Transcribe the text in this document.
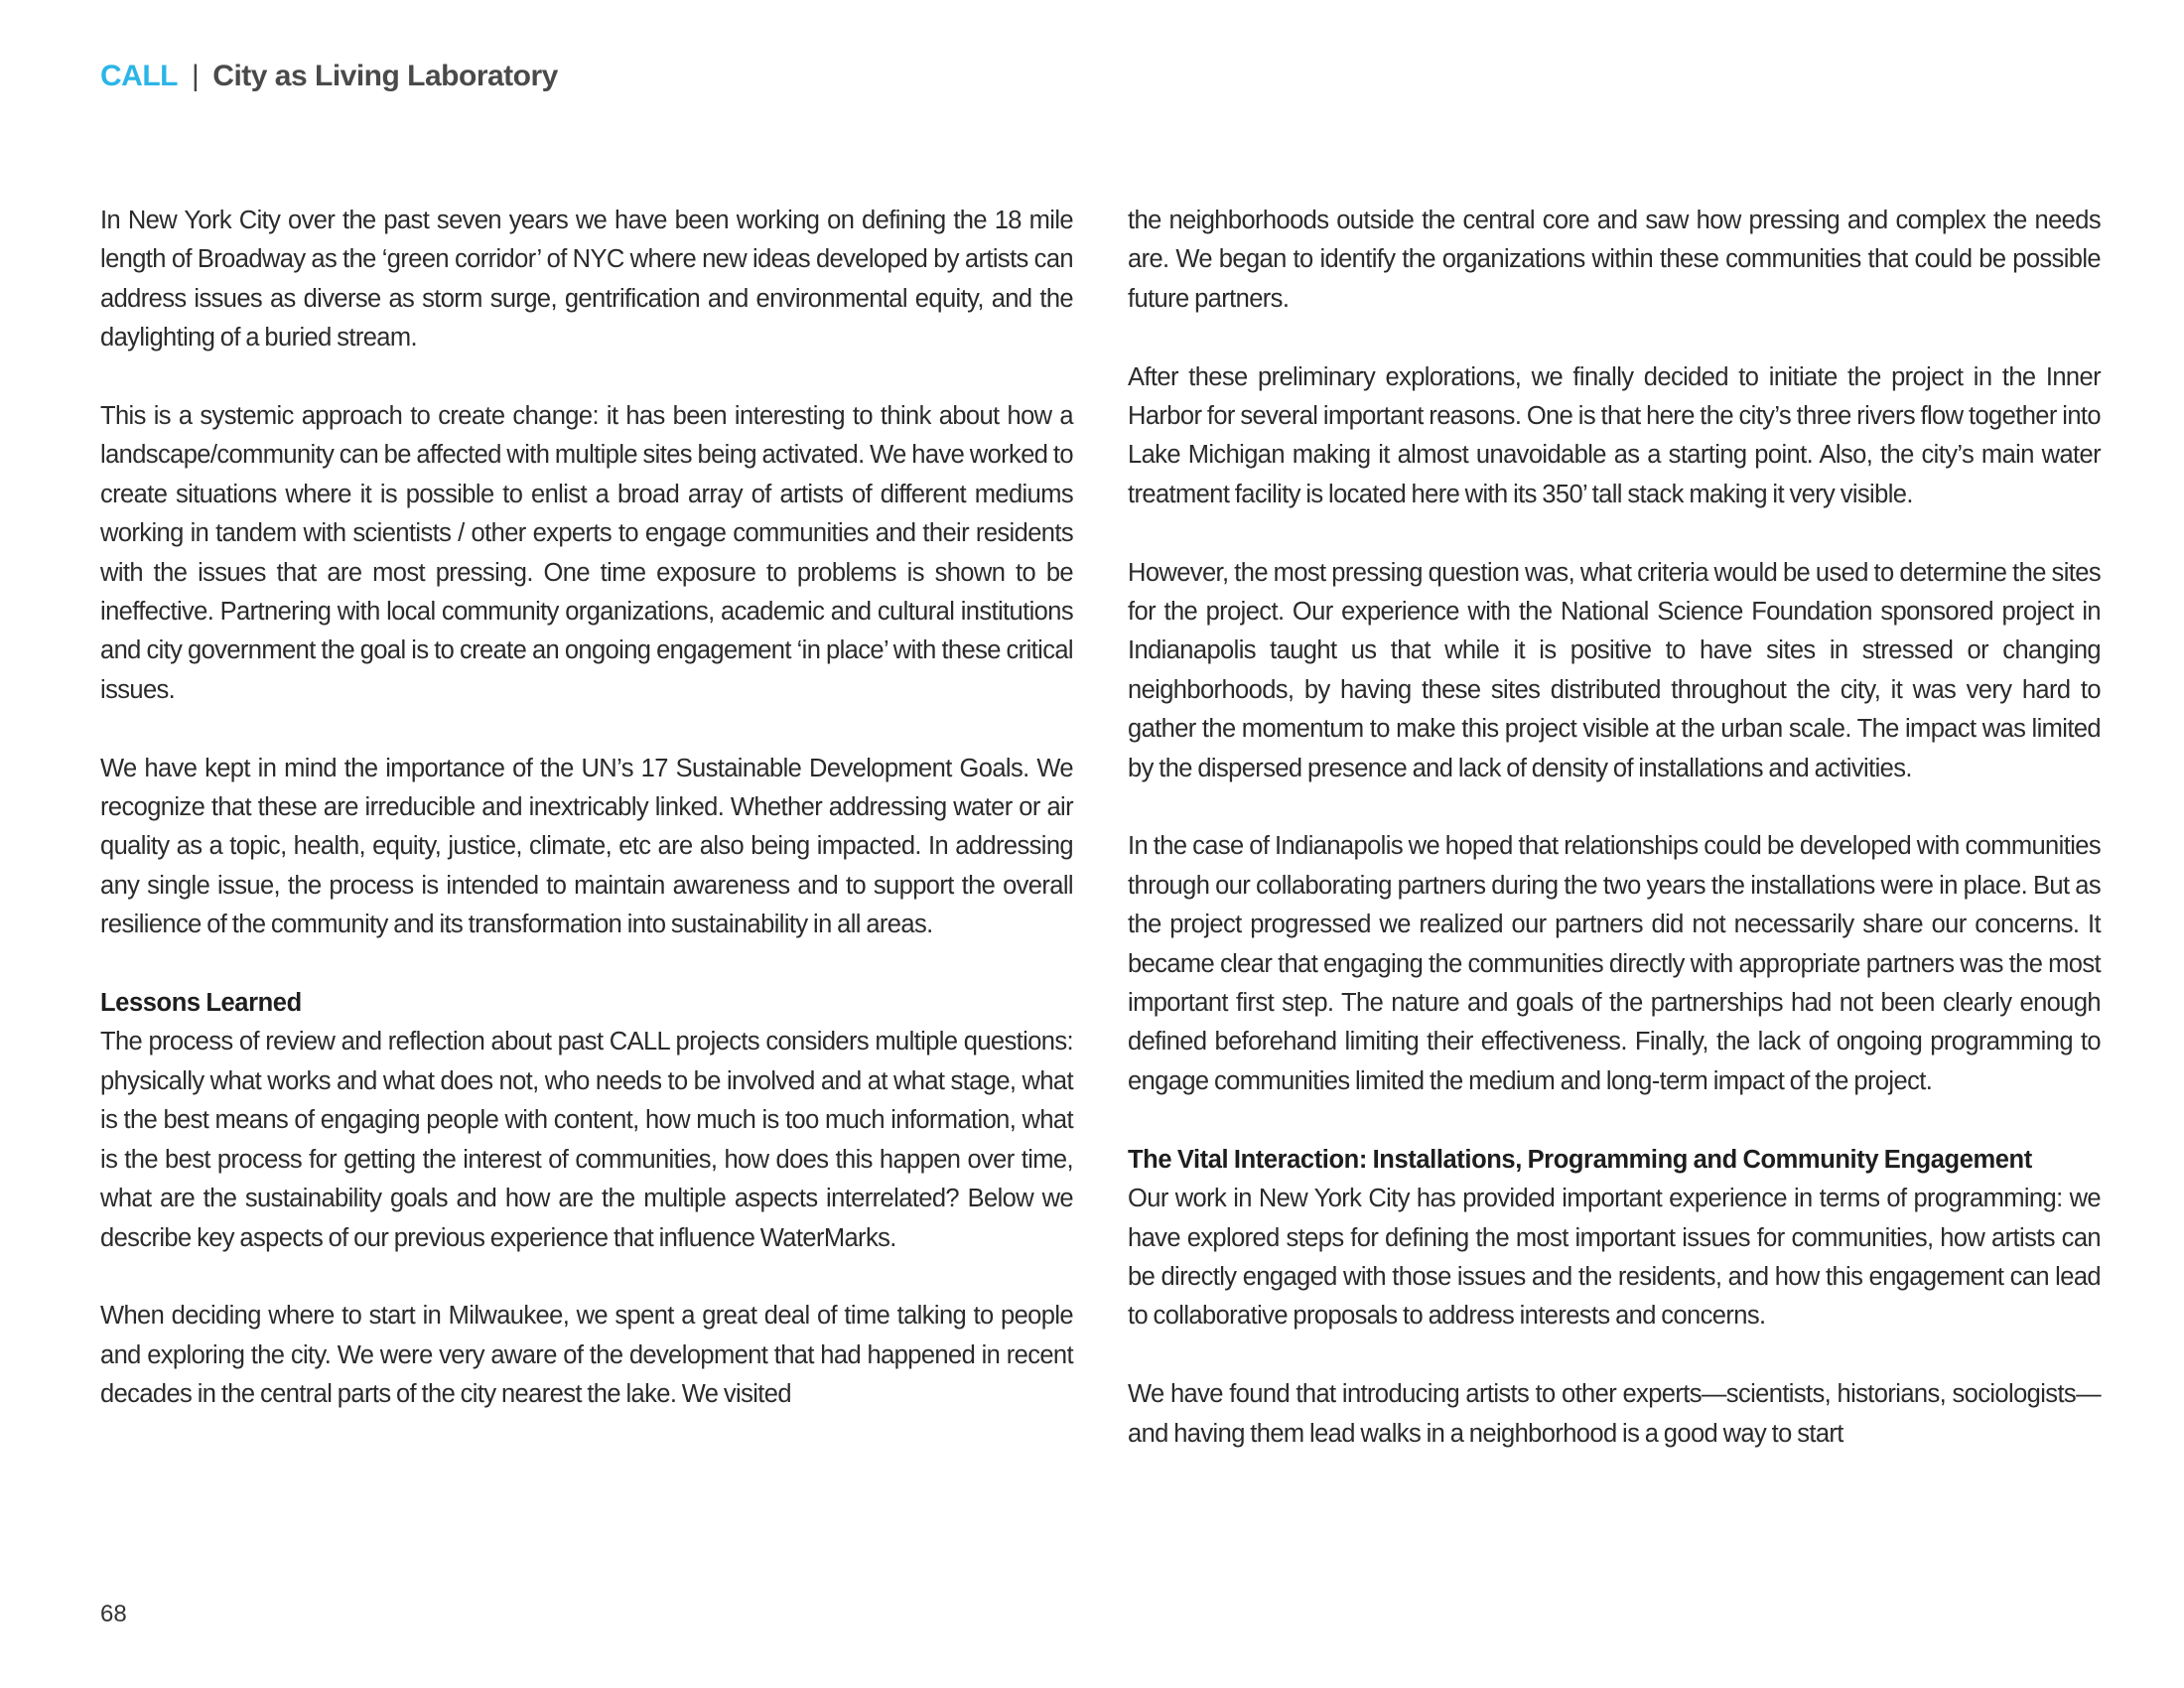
CALL | City as Living Laboratory

In New York City over the past seven years we have been working on defining the 18 mile length of Broadway as the ‘green corridor’ of NYC where new ideas developed by artists can address issues as diverse as storm surge, gentrification and environmental equity, and the daylighting of a buried stream.

This is a systemic approach to create change: it has been interesting to think about how a landscape/community can be affected with multiple sites being activated. We have worked to create situations where it is possible to enlist a broad array of artists of different mediums working in tandem with scientists / other experts to engage communities and their residents with the issues that are most pressing. One time exposure to problems is shown to be ineffective. Partnering with local community organizations, academic and cultural institutions and city government the goal is to create an ongoing engagement ‘in place’ with these critical issues.

We have kept in mind the importance of the UN’s 17 Sustainable Development Goals. We recognize that these are irreducible and inextricably linked. Whether addressing water or air quality as a topic, health, equity, justice, climate, etc are also being impacted. In addressing any single issue, the process is intended to maintain awareness and to support the overall resilience of the community and its transformation into sustainability in all areas.

Lessons Learned

The process of review and reflection about past CALL projects considers multiple questions: physically what works and what does not, who needs to be involved and at what stage, what is the best means of engaging people with content, how much is too much information, what is the best process for getting the interest of communities, how does this happen over time, what are the sustainability goals and how are the multiple aspects interrelated? Below we describe key aspects of our previous experience that influence WaterMarks.

When deciding where to start in Milwaukee, we spent a great deal of time talking to people and exploring the city. We were very aware of the development that had happened in recent decades in the central parts of the city nearest the lake. We visited

the neighborhoods outside the central core and saw how pressing and complex the needs are. We began to identify the organizations within these communities that could be possible future partners.

After these preliminary explorations, we finally decided to initiate the project in the Inner Harbor for several important reasons. One is that here the city’s three rivers flow together into Lake Michigan making it almost unavoidable as a starting point. Also, the city’s main water treatment facility is located here with its 350’ tall stack making it very visible.

However, the most pressing question was, what criteria would be used to determine the sites for the project. Our experience with the National Science Foundation sponsored project in Indianapolis taught us that while it is positive to have sites in stressed or changing neighborhoods, by having these sites distributed throughout the city, it was very hard to gather the momentum to make this project visible at the urban scale. The impact was limited by the dispersed presence and lack of density of installations and activities.

In the case of Indianapolis we hoped that relationships could be developed with communities through our collaborating partners during the two years the installations were in place. But as the project progressed we realized our partners did not necessarily share our concerns. It became clear that engaging the communities directly with appropriate partners was the most important first step. The nature and goals of the partnerships had not been clearly enough defined beforehand limiting their effectiveness. Finally, the lack of ongoing programming to engage communities limited the medium and long-term impact of the project.

The Vital Interaction: Installations, Programming and Community Engagement

Our work in New York City has provided important experience in terms of programming: we have explored steps for defining the most important issues for communities, how artists can be directly engaged with those issues and the residents, and how this engagement can lead to collaborative proposals to address interests and concerns.

We have found that introducing artists to other experts—scientists, historians, sociologists—and having them lead walks in a neighborhood is a good way to start

68
